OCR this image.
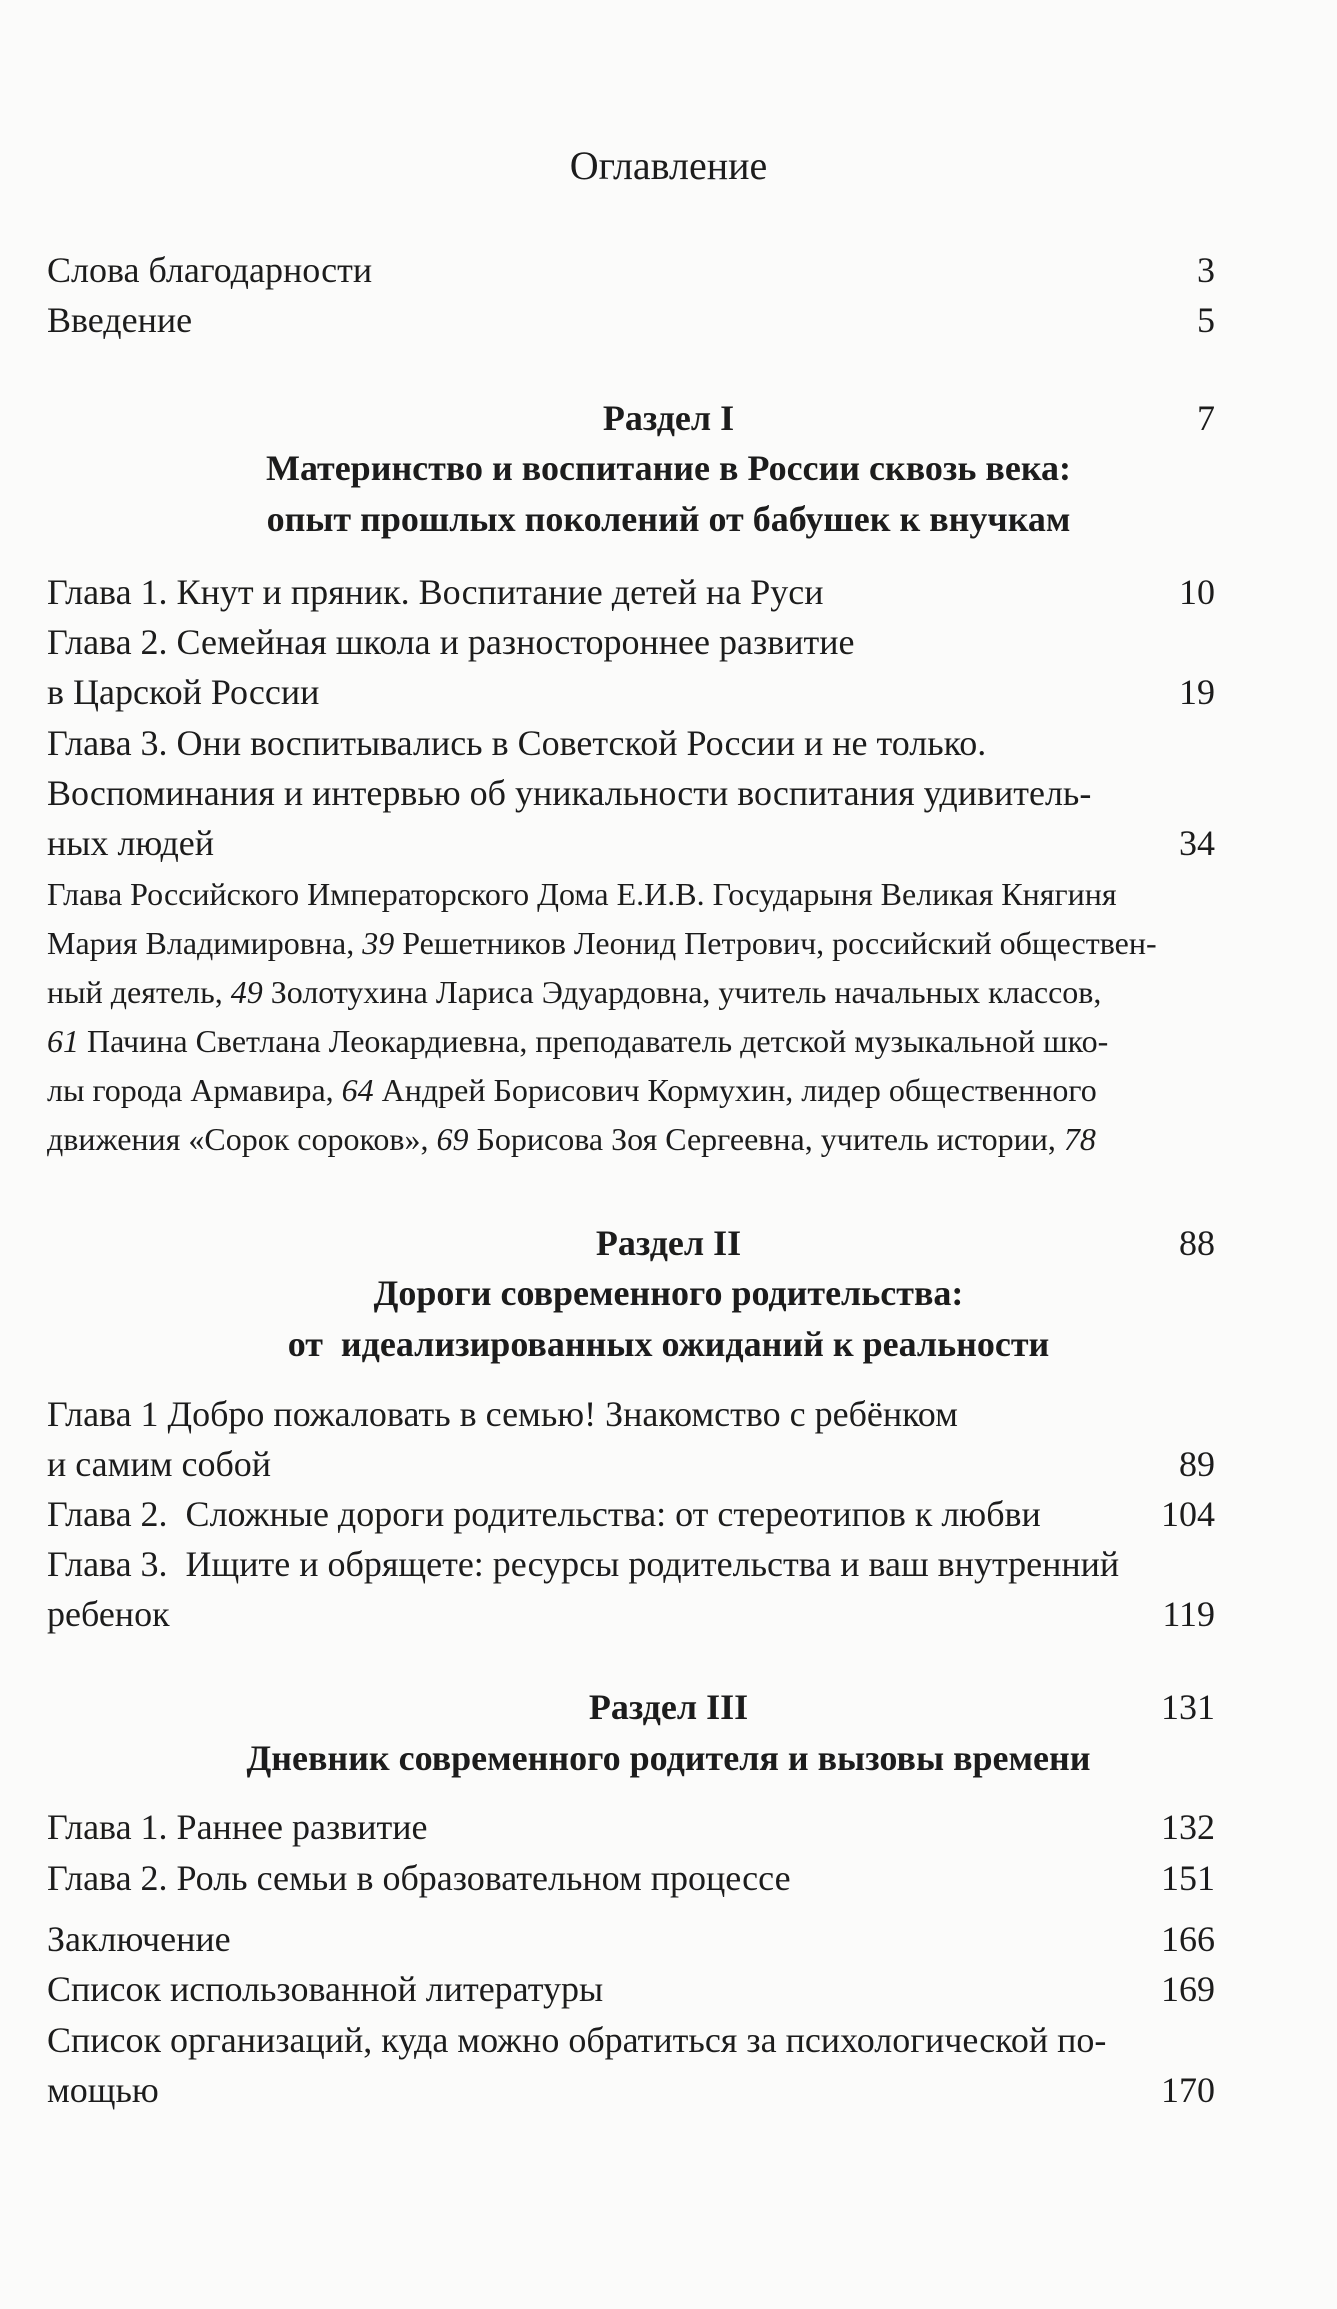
Оглавление
Слова благодарности	3
Введение	5
Раздел I	7
Материнство и воспитание в России сквозь века:
опыт прошлых поколений от бабушек к внучкам
Глава 1. Кнут и пряник. Воспитание детей на Руси	10
Глава 2. Семейная школа и разностороннее развитие
в Царской России	19
Глава 3. Они воспитывались в Советской России и не только.
Воспоминания и интервью об уникальности воспитания удивитель-
ных людей	34
Глава Российского Императорского Дома Е.И.В. Государыня Великая Княгиня
Мария Владимировна, 39 Решетников Леонид Петрович, российский обществен-
ный деятель, 49 Золотухина Лариса Эдуардовна, учитель начальных классов,
61 Пачина Светлана Леокардиевна, преподаватель детской музыкальной шко-
лы города Армавира, 64 Андрей Борисович Кормухин, лидер общественного
движения «Сорок сороков», 69 Борисова Зоя Сергеевна, учитель истории, 78
Раздел II	88
Дороги современного родительства:
от  идеализированных ожиданий к реальности
Глава 1 Добро пожаловать в семью! Знакомство с ребёнком
и самим собой	89
Глава 2.  Сложные дороги родительства: от стереотипов к любви	104
Глава 3.  Ищите и обрящете: ресурсы родительства и ваш внутренний
ребенок	119
Раздел III	131
Дневник современного родителя и вызовы времени
Глава 1. Раннее развитие	132
Глава 2. Роль семьи в образовательном процессе	151
Заключение	166
Список использованной литературы	169
Список организаций, куда можно обратиться за психологической по-
мощью	170
